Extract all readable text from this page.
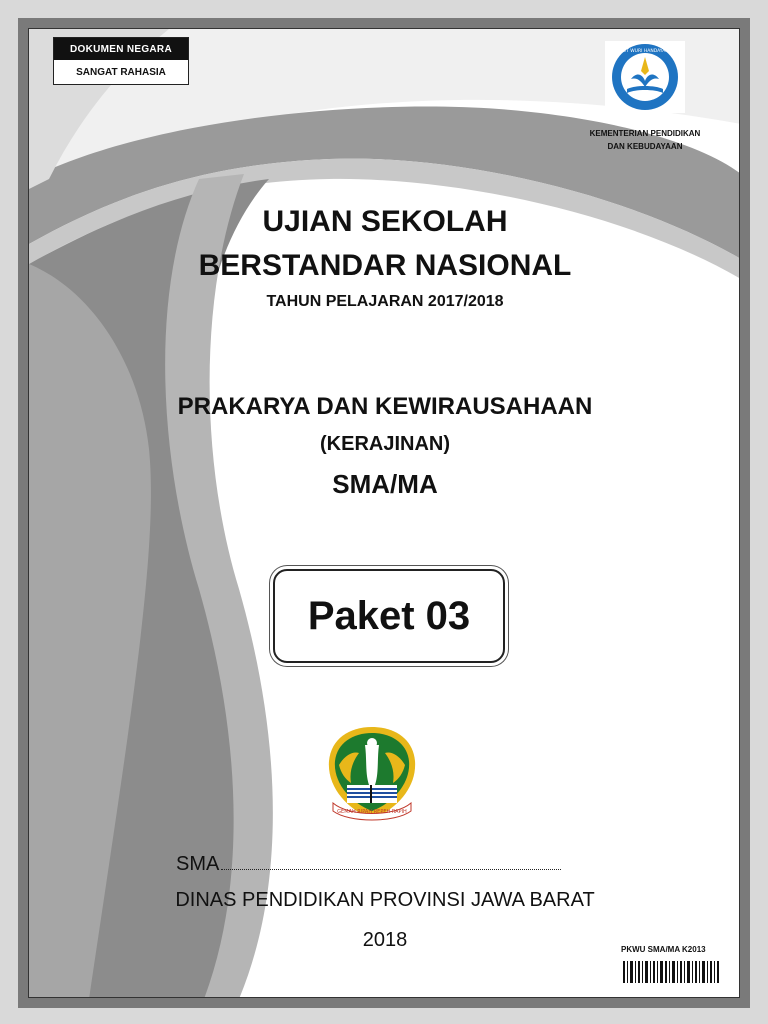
DOKUMEN NEGARA
SANGAT RAHASIA
TUT WURI HANDAYANI
KEMENTERIAN PENDIDIKAN
DAN KEBUDAYAAN
UJIAN SEKOLAH
BERSTANDAR NASIONAL
TAHUN PELAJARAN 2017/2018
PRAKARYA DAN KEWIRAUSAHAAN
(KERAJINAN)
SMA/MA
Paket 03
GEMAH RIPAH REPEH RAPIH
SMA
DINAS PENDIDIKAN PROVINSI JAWA BARAT
2018	PKWU SMA/MA K2013
